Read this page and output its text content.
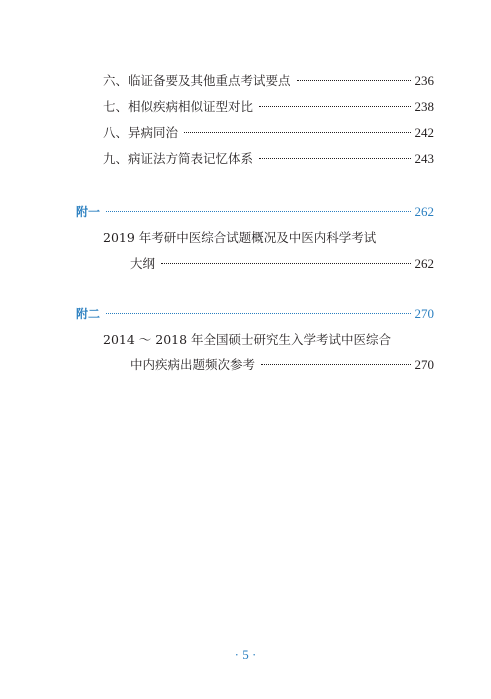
六、临证备要及其他重点考试要点	236
七、相似疾病相似证型对比	238
八、异病同治	242
九、病证法方简表记忆体系	243
附一	262
2019 年考研中医综合试题概况及中医内科学考试
大纲	262
附二	270
2014 ～ 2018 年全国硕士研究生入学考试中医综合
中内疾病出题频次参考	270
· 5 ·
